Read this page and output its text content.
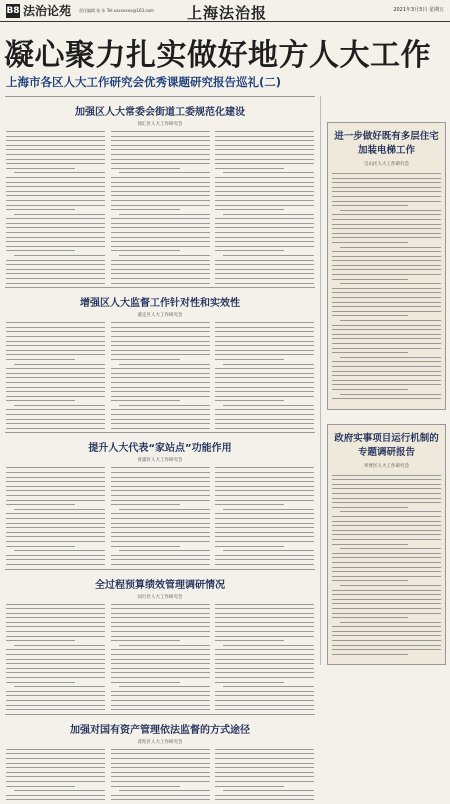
B8 法治论苑 责任编辑 张 东 Tel:xxxxxxxx@163.com	上海法治报	2021年3月5日 星期五
凝心聚力扎实做好地方人大工作
上海市各区人大工作研究会优秀课题研究报告巡礼(二)
加强区人大常委会街道工委规范化建设
徐汇区人大工作研究会
增强区人大监督工作针对性和实效性
嘉定区人大工作研究会
提升人大代表“家站点”功能作用
青浦区人大工作研究会
全过程预算绩效管理调研情况
闵行区人大工作研究会
加强对国有资产管理依法监督的方式途径
普陀区人大工作研究会
进一步做好既有多层住宅加装电梯工作
宝山区人大工作研究会
政府实事项目运行机制的专题调研报告
奉贤区人大工作研究会
